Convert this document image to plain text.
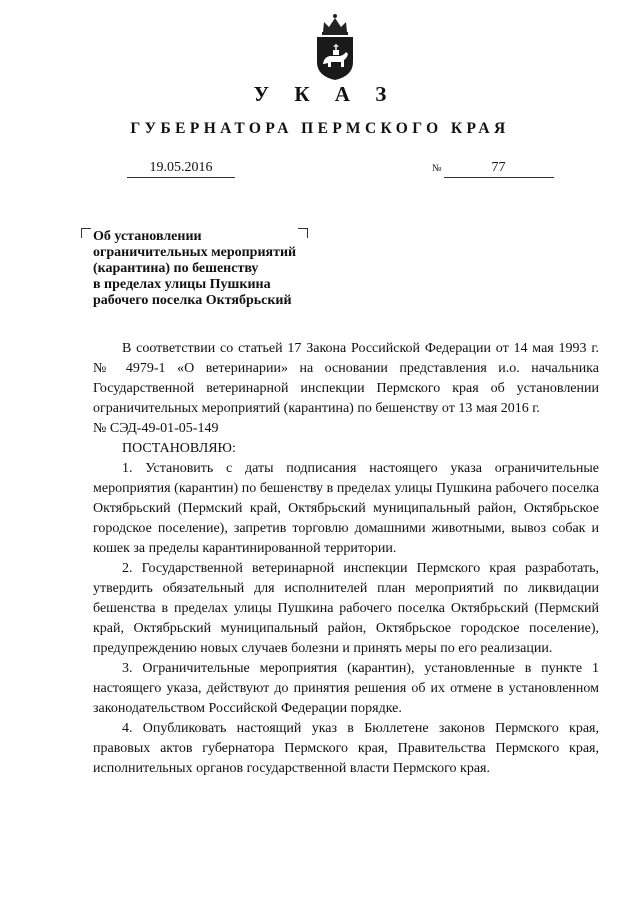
У К А З
ГУБЕРНАТОРА ПЕРМСКОГО КРАЯ
19.05.2016	№	77
Об установлении
ограничительных мероприятий
(карантина) по бешенству
в пределах улицы Пушкина
рабочего поселка Октябрьский

В соответствии со статьей 17 Закона Российской Федерации от 14 мая 1993 г. № 4979-1 «О ветеринарии» на основании представления и.о. начальника Государственной ветеринарной инспекции Пермского края об установлении ограничительных мероприятий (карантина) по бешенству от 13 мая 2016 г.

№ СЭД-49-01-05-149

ПОСТАНОВЛЯЮ:

1. Установить с даты подписания настоящего указа ограничительные мероприятия (карантин) по бешенству в пределах улицы Пушкина рабочего поселка Октябрьский (Пермский край, Октябрьский муниципальный район, Октябрьское городское поселение), запретив торговлю домашними животными, вывоз собак и кошек за пределы карантинированной территории.

2. Государственной ветеринарной инспекции Пермского края разработать, утвердить обязательный для исполнителей план мероприятий по ликвидации бешенства в пределах улицы Пушкина рабочего поселка Октябрьский (Пермский край, Октябрьский муниципальный район, Октябрьское городское поселение), предупреждению новых случаев болезни и принять меры по его реализации.

3. Ограничительные мероприятия (карантин), установленные в пункте 1 настоящего указа, действуют до принятия решения об их отмене в установленном законодательством Российской Федерации порядке.

4. Опубликовать настоящий указ в Бюллетене законов Пермского края, правовых актов губернатора Пермского края, Правительства Пермского края, исполнительных органов государственной власти Пермского края.
